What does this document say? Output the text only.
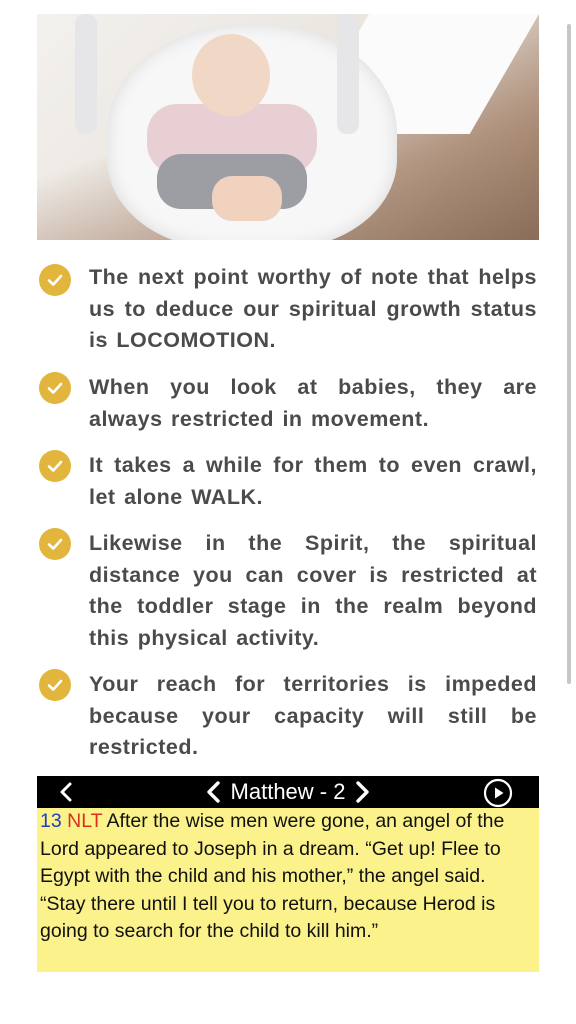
The next point worthy of note that helps us to deduce our spiritual growth status is LOCOMOTION.

When you look at babies, they are always restricted in movement.

It takes a while for them to even crawl, let alone WALK.

Likewise in the Spirit, the spiritual distance you can cover is restricted at the toddler stage in the realm beyond this physical activity.

Your reach for territories is impeded because your capacity will still be restricted.

Matthew - 2

13 NLT After the wise men were gone, an angel of the Lord appeared to Joseph in a dream. “Get up! Flee to Egypt with the child and his mother,” the angel said. “Stay there until I tell you to return, because Herod is going to search for the child to kill him.”
